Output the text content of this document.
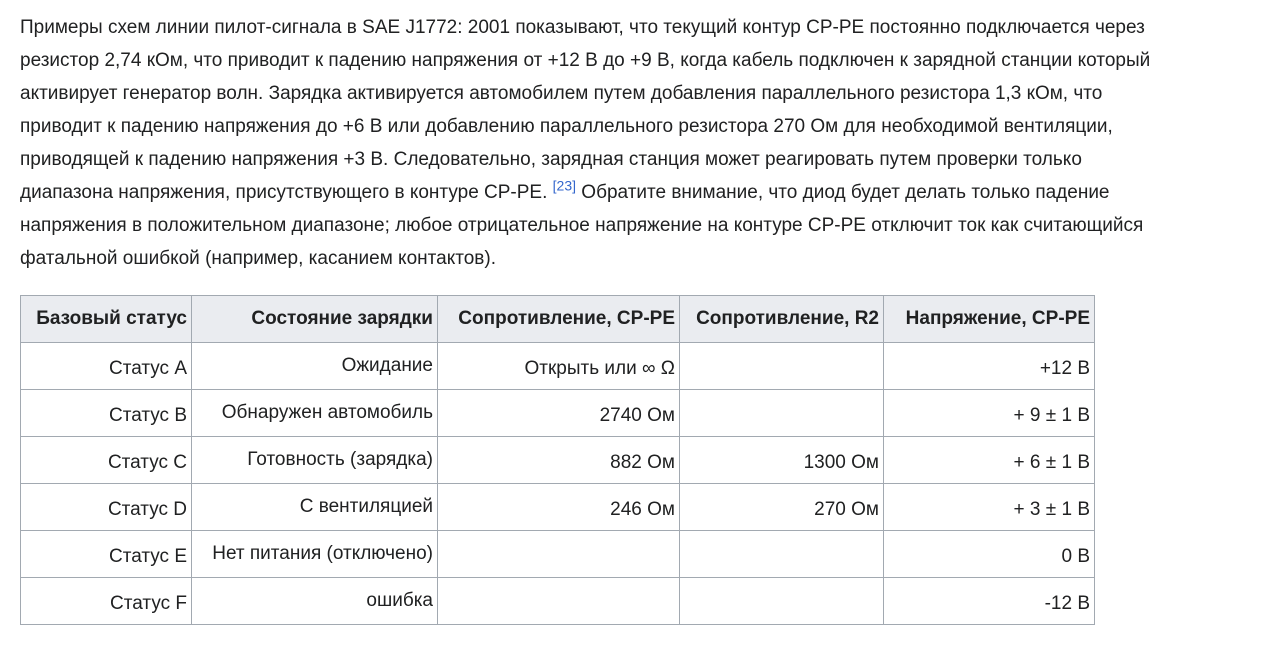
Примеры схем линии пилот-сигнала в SAE J1772: 2001 показывают, что текущий контур CP-PE постоянно подключается через
резистор 2,74 кОм, что приводит к падению напряжения от +12 В до +9 В, когда кабель подключен к зарядной станции который
активирует генератор волн. Зарядка активируется автомобилем путем добавления параллельного резистора 1,3 кОм, что
приводит к падению напряжения до +6 В или добавлению параллельного резистора 270 Ом для необходимой вентиляции,
приводящей к падению напряжения +3 В. Следовательно, зарядная станция может реагировать путем проверки только
диапазона напряжения, присутствующего в контуре CP-PE. [23] Обратите внимание, что диод будет делать только падение
напряжения в положительном диапазоне; любое отрицательное напряжение на контуре CP-PE отключит ток как считающийся
фатальной ошибкой (например, касанием контактов).
Базовый статус	Состояние зарядки	Сопротивление, CP-PE	Сопротивление, R2	Напряжение, CP-PE
Статус A	Ожидание	Открыть или ∞ Ω		+12 В
Статус B	Обнаружен автомобиль	2740 Ом		+ 9 ± 1 В
Статус C	Готовность (зарядка)	882 Ом	1300 Ом	+ 6 ± 1 В
Статус D	С вентиляцией	246 Ом	270 Ом	+ 3 ± 1 В
Статус E	Нет питания (отключено)			0 В
Статус F	ошибка			-12 В
